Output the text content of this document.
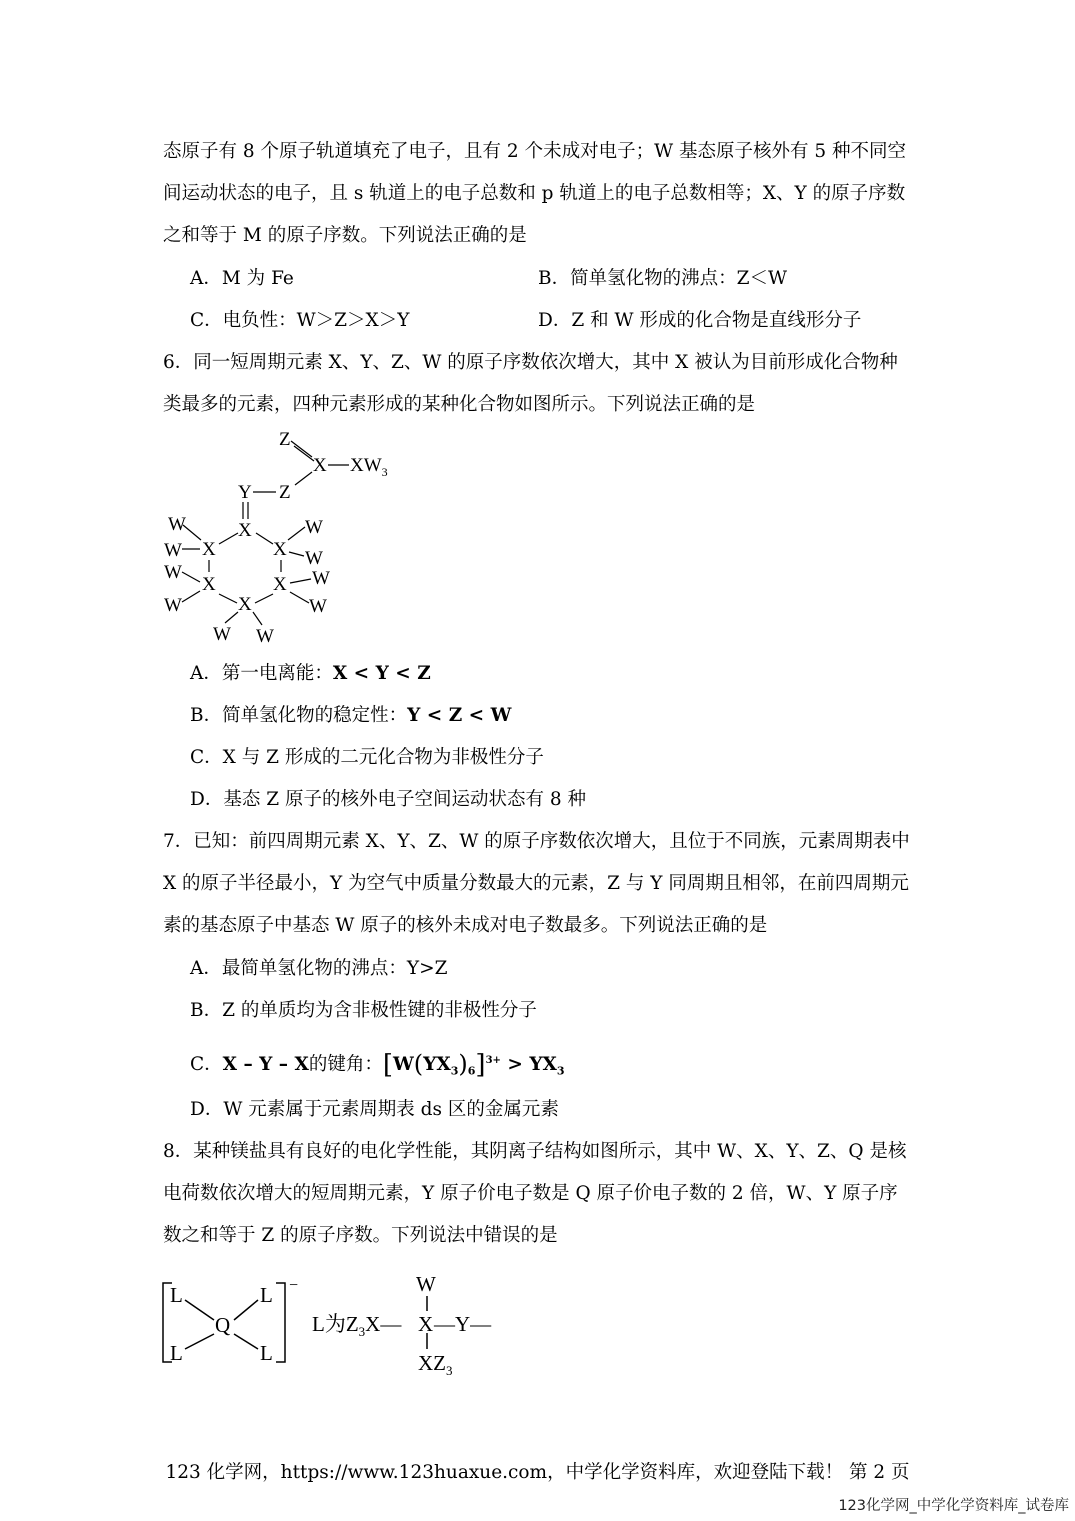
态原子有 8 个原子轨道填充了电子，且有 2 个未成对电子；W 基态原子核外有 5 种不同空
间运动状态的电子，且 s 轨道上的电子总数和 p 轨道上的电子总数相等；X、Y 的原子序数
之和等于 M 的原子序数。下列说法正确的是
A．M 为 Fe	B．简单氢化物的沸点：Z＜W
C．电负性：W＞Z＞X＞Y	D．Z 和 W 形成的化合物是直线形分子
6．同一短周期元素 X、Y、Z、W 的原子序数依次增大，其中 X 被认为目前形成化合物种
类最多的元素，四种元素形成的某种化合物如图所示。下列说法正确的是
Z
X $XW_3$
Y Z
X
X
X
X
X
X
W
W
W
W
W W
W
W
W
W
A．第一电离能：X < Y < Z
B．简单氢化物的稳定性：Y < Z < W
C．X 与 Z 形成的二元化合物为非极性分子
D．基态 Z 原子的核外电子空间运动状态有 8 种
7．已知：前四周期元素 X、Y、Z、W 的原子序数依次增大，且位于不同族，元素周期表中
X 的原子半径最小，Y 为空气中质量分数最大的元素，Z 与 Y 同周期且相邻，在前四周期元
素的基态原子中基态 W 原子的核外未成对电子数最多。下列说法正确的是
A．最简单氢化物的沸点：Y>Z
B．Z 的单质均为含非极性键的非极性分子
C．X – Y – X的键角：$[W(YX_3)_6]^{3+} > YX_3$
D．W 元素属于元素周期表 ds 区的金属元素
8．某种镁盐具有良好的电化学性能，其阴离子结构如图所示，其中 W、X、Y、Z、Q 是核
电荷数依次增大的短周期元素，Y 原子价电子数是 Q 原子价电子数的 2 倍，W、Y 原子序
数之和等于 Z 的原子序数。下列说法中错误的是
L	L
L	L
Q
−
L为$Z_3X—$ X —Y—
W
$XZ_3$
123 化学网，https://www.123huaxue.com，中学化学资料库，欢迎登陆下载！ 第 2 页
123化学网_中学化学资料库_试卷库
